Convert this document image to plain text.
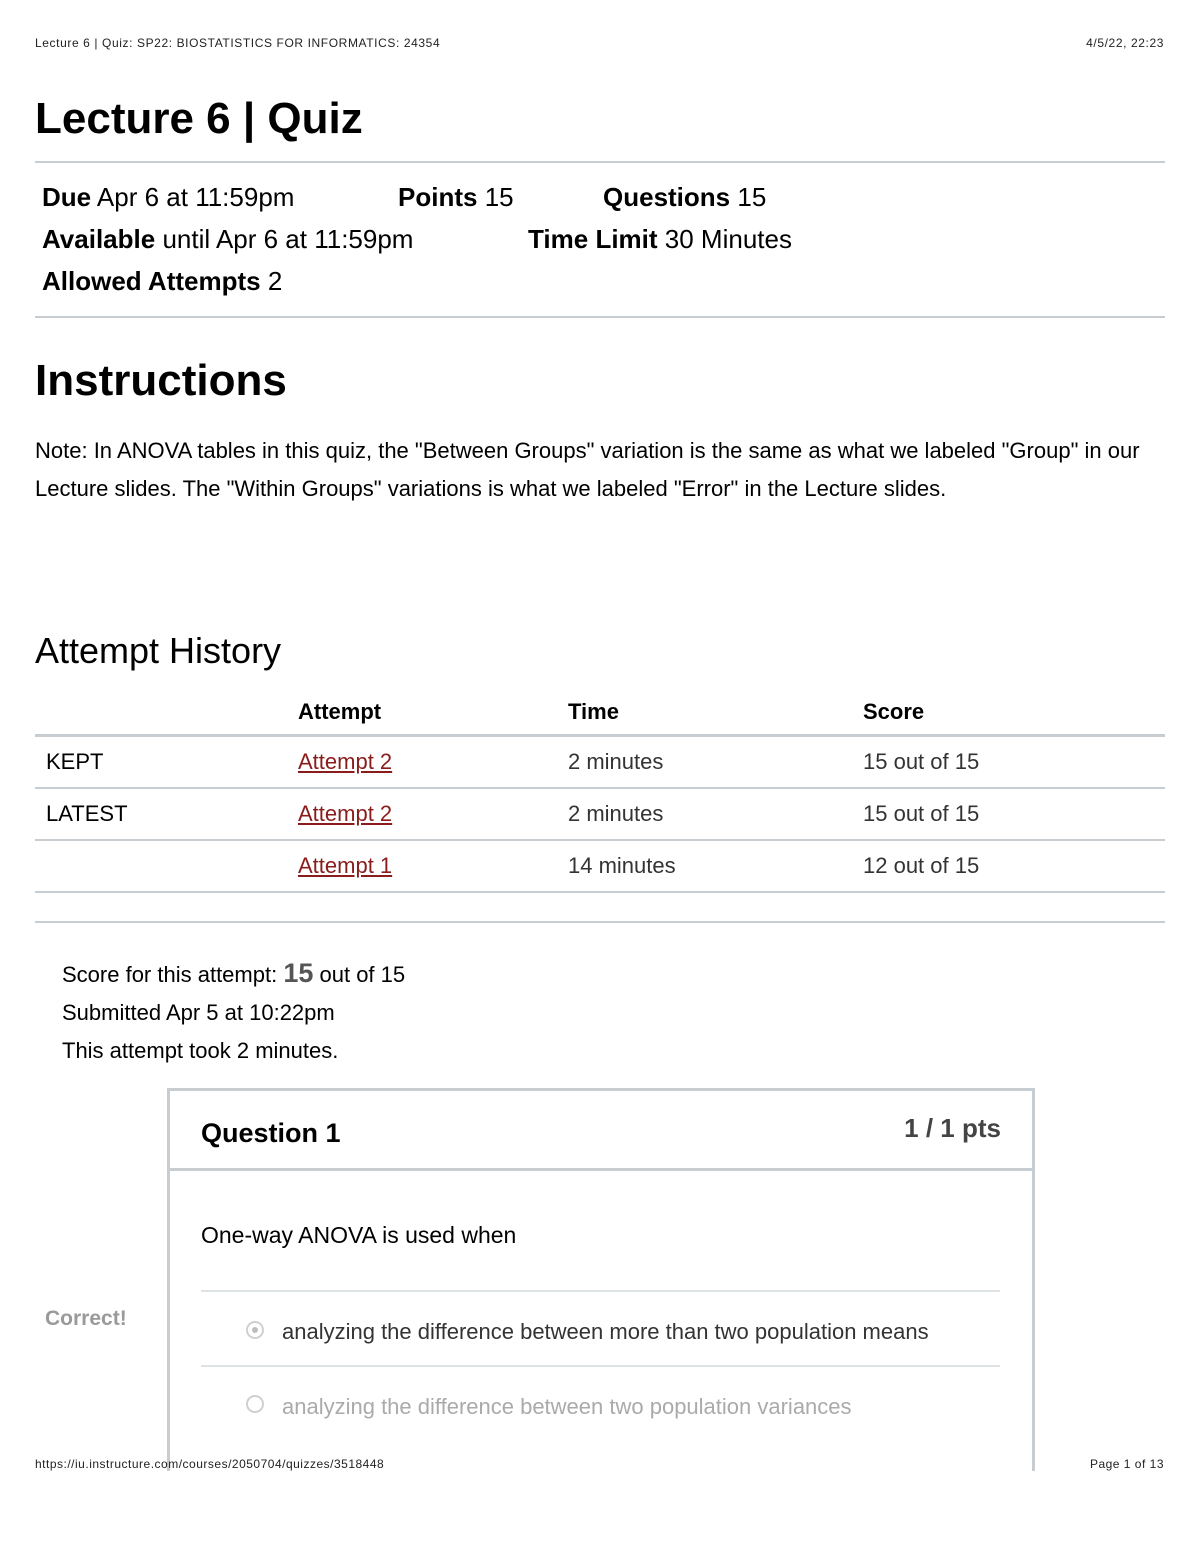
Lecture 6 | Quiz: SP22: BIOSTATISTICS FOR INFORMATICS: 24354	4/5/22, 22:23
Lecture 6 | Quiz
Due Apr 6 at 11:59pm	Points 15	Questions 15
Available until Apr 6 at 11:59pm	Time Limit 30 Minutes
Allowed Attempts 2
Instructions

Note: In ANOVA tables in this quiz, the "Between Groups" variation is the same as what we labeled "Group" in our Lecture slides. The "Within Groups" variations is what we labeled "Error" in the Lecture slides.

Attempt History
	Attempt	Time	Score
KEPT	Attempt 2	2 minutes	15 out of 15
LATEST	Attempt 2	2 minutes	15 out of 15
	Attempt 1	14 minutes	12 out of 15
Score for this attempt: 15 out of 15
Submitted Apr 5 at 10:22pm
This attempt took 2 minutes.
Correct!
Question 1	1 / 1 pts
One-way ANOVA is used when
analyzing the difference between more than two population means
analyzing the difference between two population variances
https://iu.instructure.com/courses/2050704/quizzes/3518448	Page 1 of 13
